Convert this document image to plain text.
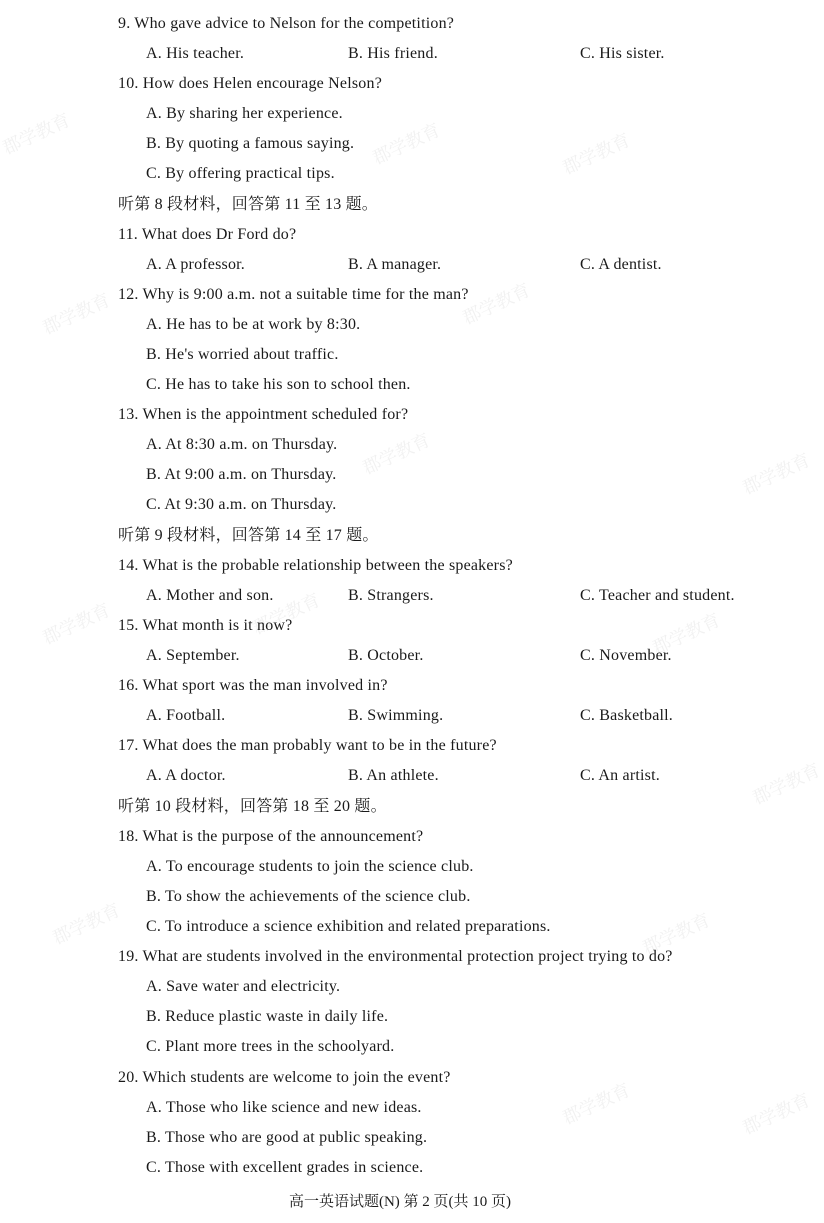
郡学教育	郡学教育	郡学教育
郡学教育	郡学教育
郡学教育	郡学教育
郡学教育	郡学教育	郡学教育
郡学教育
郡学教育	郡学教育
郡学教育	郡学教育
9. Who gave advice to Nelson for the competition?
A. His teacher.	B. His friend.	C. His sister.
10. How does Helen encourage Nelson?
A. By sharing her experience.
B. By quoting a famous saying.
C. By offering practical tips.
听第 8 段材料，回答第 11 至 13 题。
11. What does Dr Ford do?
A. A professor.	B. A manager.	C. A dentist.
12. Why is 9:00 a.m. not a suitable time for the man?
A. He has to be at work by 8:30.
B. He's worried about traffic.
C. He has to take his son to school then.
13. When is the appointment scheduled for?
A. At 8:30 a.m. on Thursday.
B. At 9:00 a.m. on Thursday.
C. At 9:30 a.m. on Thursday.
听第 9 段材料，回答第 14 至 17 题。
14. What is the probable relationship between the speakers?
A. Mother and son.	B. Strangers.	C. Teacher and student.
15. What month is it now?
A. September.	B. October.	C. November.
16. What sport was the man involved in?
A. Football.	B. Swimming.	C. Basketball.
17. What does the man probably want to be in the future?
A. A doctor.	B. An athlete.	C. An artist.
听第 10 段材料，回答第 18 至 20 题。
18. What is the purpose of the announcement?
A. To encourage students to join the science club.
B. To show the achievements of the science club.
C. To introduce a science exhibition and related preparations.
19. What are students involved in the environmental protection project trying to do?
A. Save water and electricity.
B. Reduce plastic waste in daily life.
C. Plant more trees in the schoolyard.
20. Which students are welcome to join the event?
A. Those who like science and new ideas.
B. Those who are good at public speaking.
C. Those with excellent grades in science.
高一英语试题(N) 第 2 页(共 10 页)
